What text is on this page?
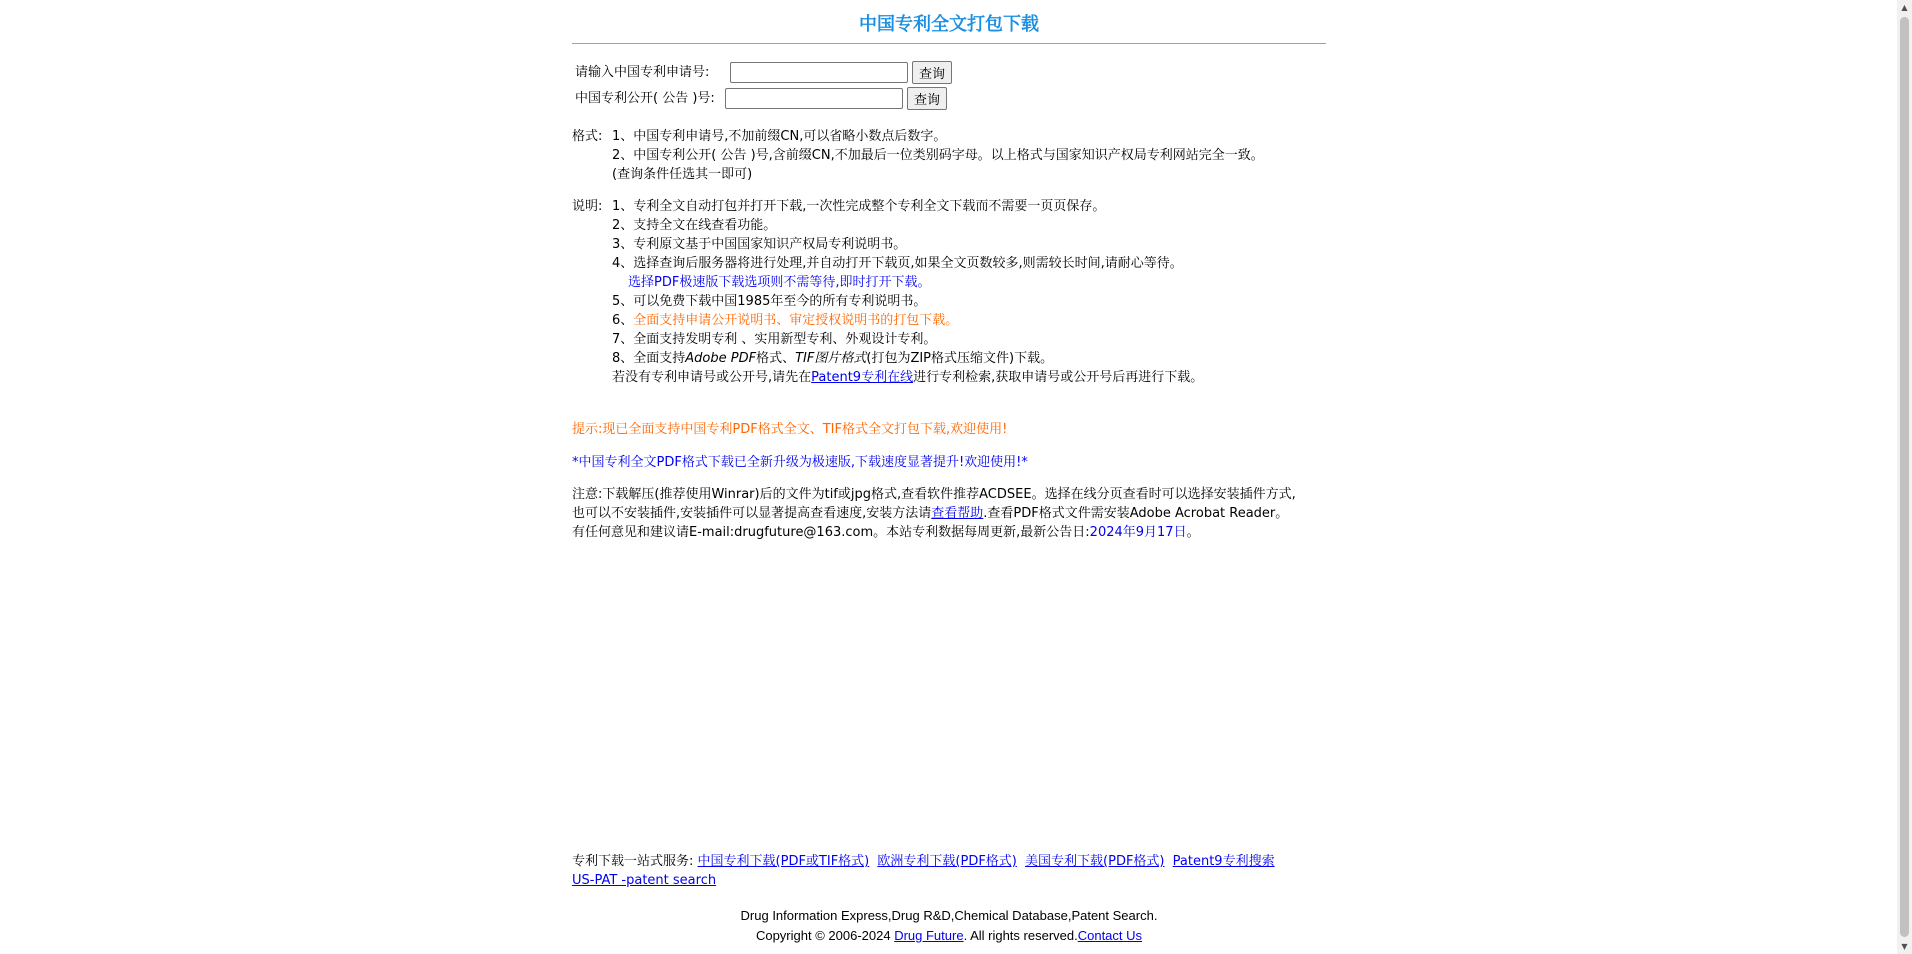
中国专利全文打包下载
请输入中国专利申请号:	查询
中国专利公开( 公告 )号:	查询
格式: 1、中国专利申请号,不加前缀CN,可以省略小数点后数字。
2、中国专利公开( 公告 )号,含前缀CN,不加最后一位类别码字母。以上格式与国家知识产权局专利网站完全一致。
(查询条件任选其一即可)
说明: 1、专利全文自动打包并打开下载,一次性完成整个专利全文下载而不需要一页页保存。
2、支持全文在线查看功能。
3、专利原文基于中国国家知识产权局专利说明书。
4、选择查询后服务器将进行处理,并自动打开下载页,如果全文页数较多,则需较长时间,请耐心等待。
选择PDF极速版下载选项则不需等待,即时打开下载。
5、可以免费下载中国1985年至今的所有专利说明书。
6、全面支持申请公开说明书、审定授权说明书的打包下载。
7、全面支持发明专利 、实用新型专利、外观设计专利。
8、全面支持Adobe PDF格式、TIF图片格式(打包为ZIP格式压缩文件)下载。
若没有专利申请号或公开号,请先在Patent9专利在线进行专利检索,获取申请号或公开号后再进行下载。
提示:现已全面支持中国专利PDF格式全文、TIF格式全文打包下载,欢迎使用!
*中国专利全文PDF格式下载已全新升级为极速版,下载速度显著提升!欢迎使用!*
注意:下载解压(推荐使用Winrar)后的文件为tif或jpg格式,查看软件推荐ACDSEE。选择在线分页查看时可以选择安装插件方式,
也可以不安装插件,安装插件可以显著提高查看速度,安装方法请查看帮助.查看PDF格式文件需安装Adobe Acrobat Reader。
有任何意见和建议请E-mail:drugfuture@163.com。本站专利数据每周更新,最新公告日:2024年9月17日。
专利下载一站式服务: 中国专利下载(PDF或TIF格式) 欧洲专利下载(PDF格式) 美国专利下载(PDF格式) Patent9专利搜索
US-PAT -patent search
Drug Information Express,Drug R&D,Chemical Database,Patent Search.
Copyright © 2006-2024 Drug Future. All rights reserved.Contact Us
▲
▼
